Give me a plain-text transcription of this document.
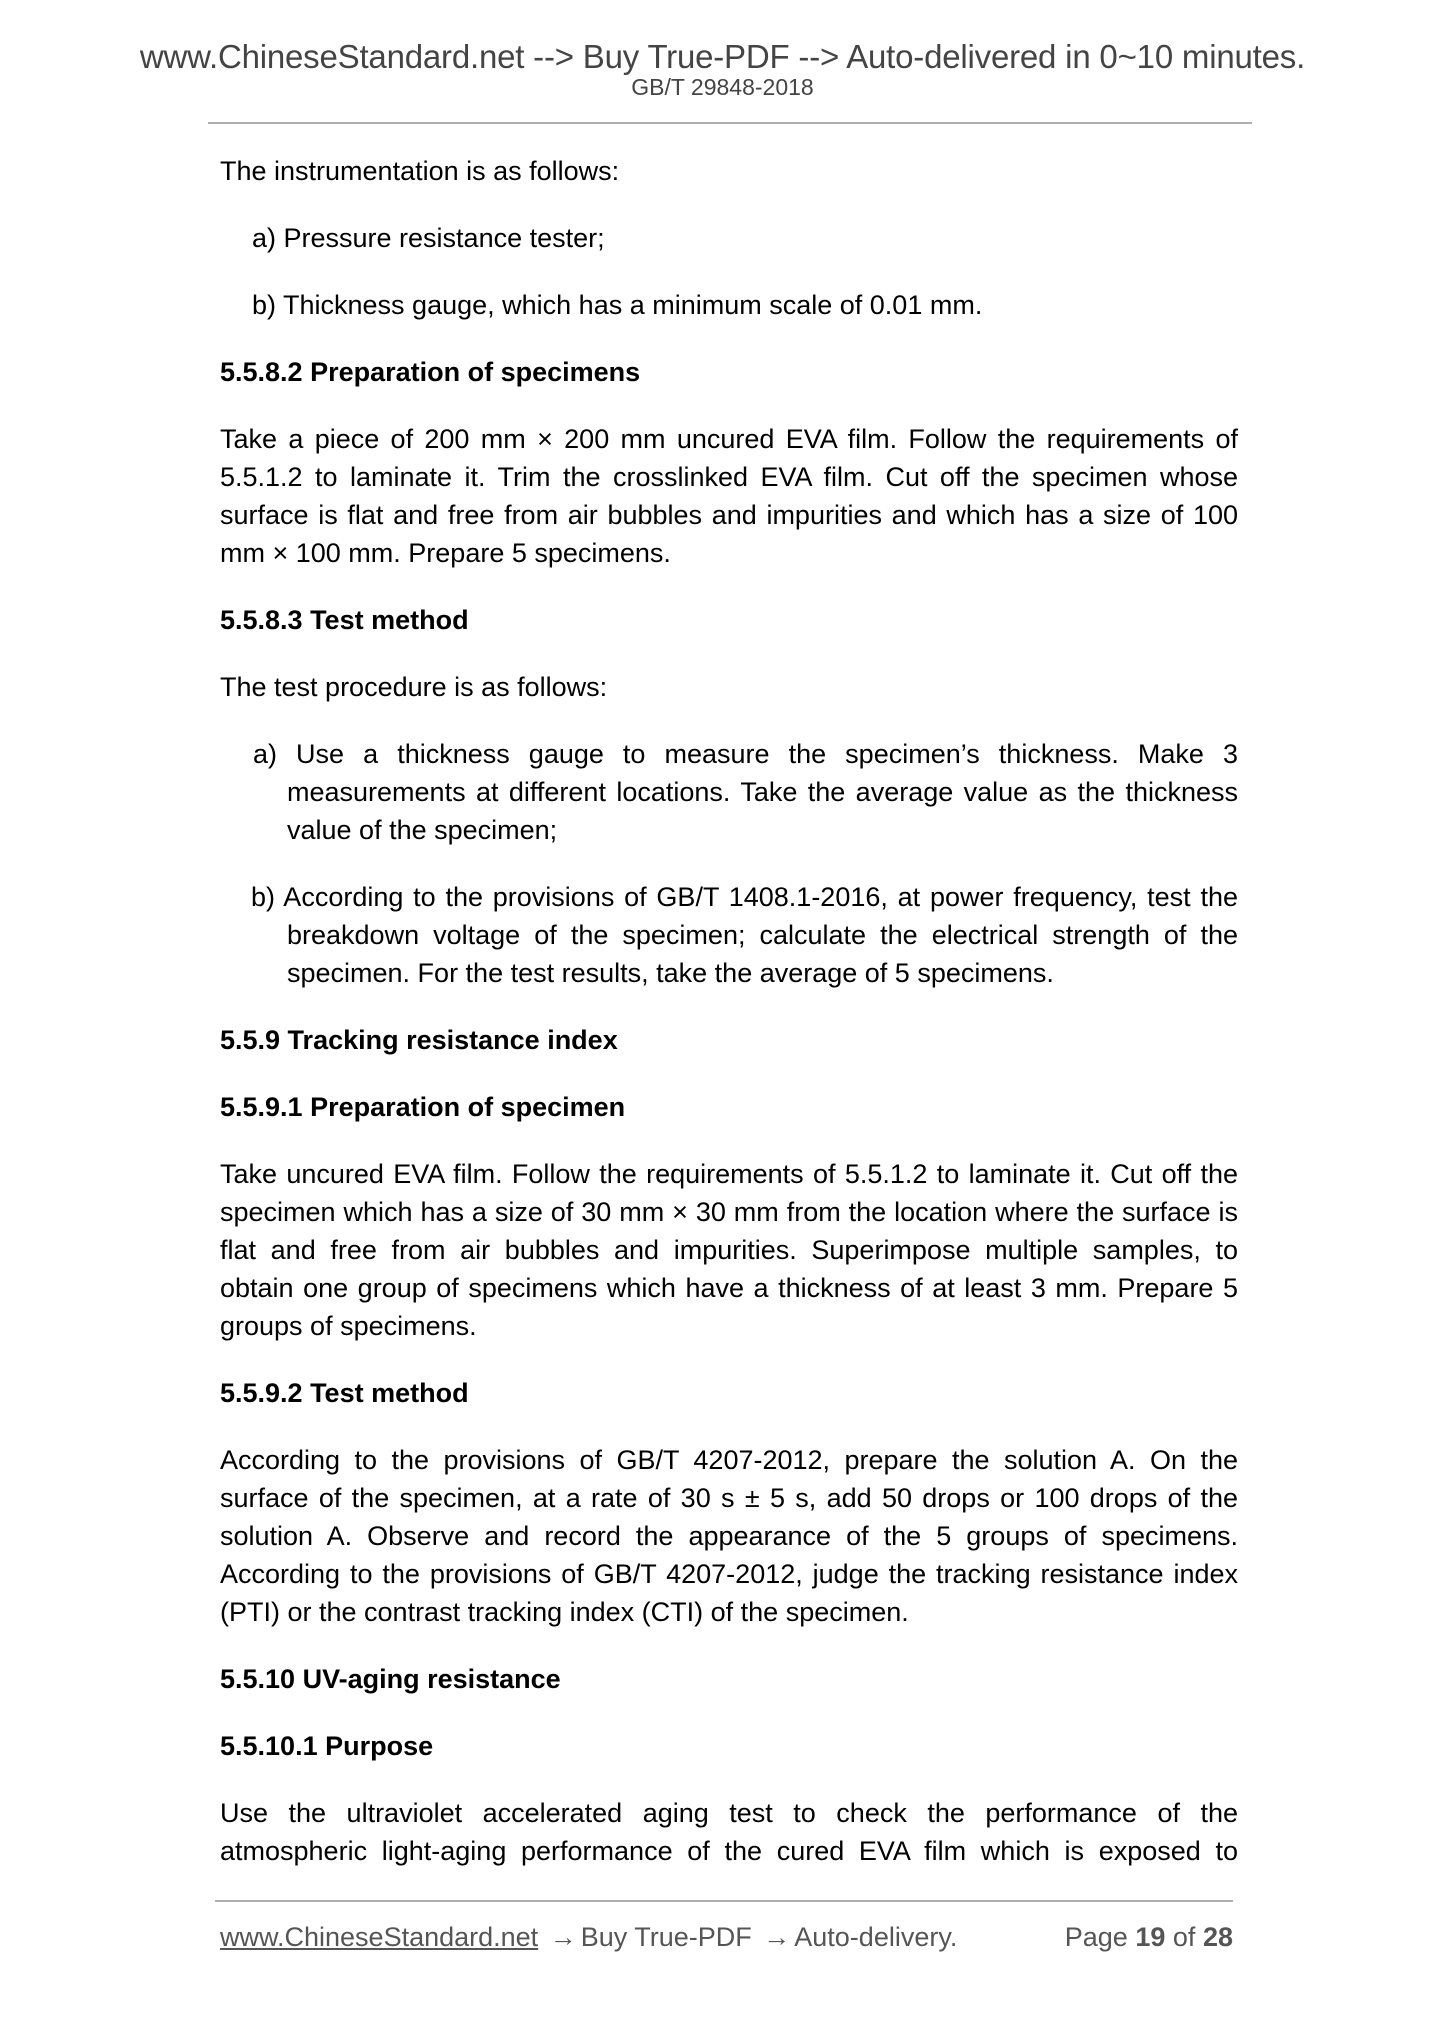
www.ChineseStandard.net --> Buy True-PDF --> Auto-delivered in 0~10 minutes.
GB/T 29848-2018

The instrumentation is as follows:

a) Pressure resistance tester;

b) Thickness gauge, which has a minimum scale of 0.01 mm.

5.5.8.2 Preparation of specimens

Take a piece of 200 mm × 200 mm uncured EVA film. Follow the requirements of 5.5.1.2 to laminate it. Trim the crosslinked EVA film. Cut off the specimen whose surface is flat and free from air bubbles and impurities and which has a size of 100 mm × 100 mm. Prepare 5 specimens.

5.5.8.3 Test method

The test procedure is as follows:

a) Use a thickness gauge to measure the specimen’s thickness. Make 3 measurements at different locations. Take the average value as the thickness value of the specimen;

b) According to the provisions of GB/T 1408.1-2016, at power frequency, test the breakdown voltage of the specimen; calculate the electrical strength of the specimen. For the test results, take the average of 5 specimens.

5.5.9 Tracking resistance index

5.5.9.1 Preparation of specimen

Take uncured EVA film. Follow the requirements of 5.5.1.2 to laminate it. Cut off the specimen which has a size of 30 mm × 30 mm from the location where the surface is flat and free from air bubbles and impurities. Superimpose multiple samples, to obtain one group of specimens which have a thickness of at least 3 mm. Prepare 5 groups of specimens.

5.5.9.2 Test method

According to the provisions of GB/T 4207-2012, prepare the solution A. On the surface of the specimen, at a rate of 30 s ± 5 s, add 50 drops or 100 drops of the solution A. Observe and record the appearance of the 5 groups of specimens. According to the provisions of GB/T 4207-2012, judge the tracking resistance index (PTI) or the contrast tracking index (CTI) of the specimen.

5.5.10 UV-aging resistance

5.5.10.1 Purpose

Use the ultraviolet accelerated aging test to check the performance of the atmospheric light-aging performance of the cured EVA film which is exposed to

www.ChineseStandard.net → Buy True-PDF → Auto-delivery.	Page 19 of 28
